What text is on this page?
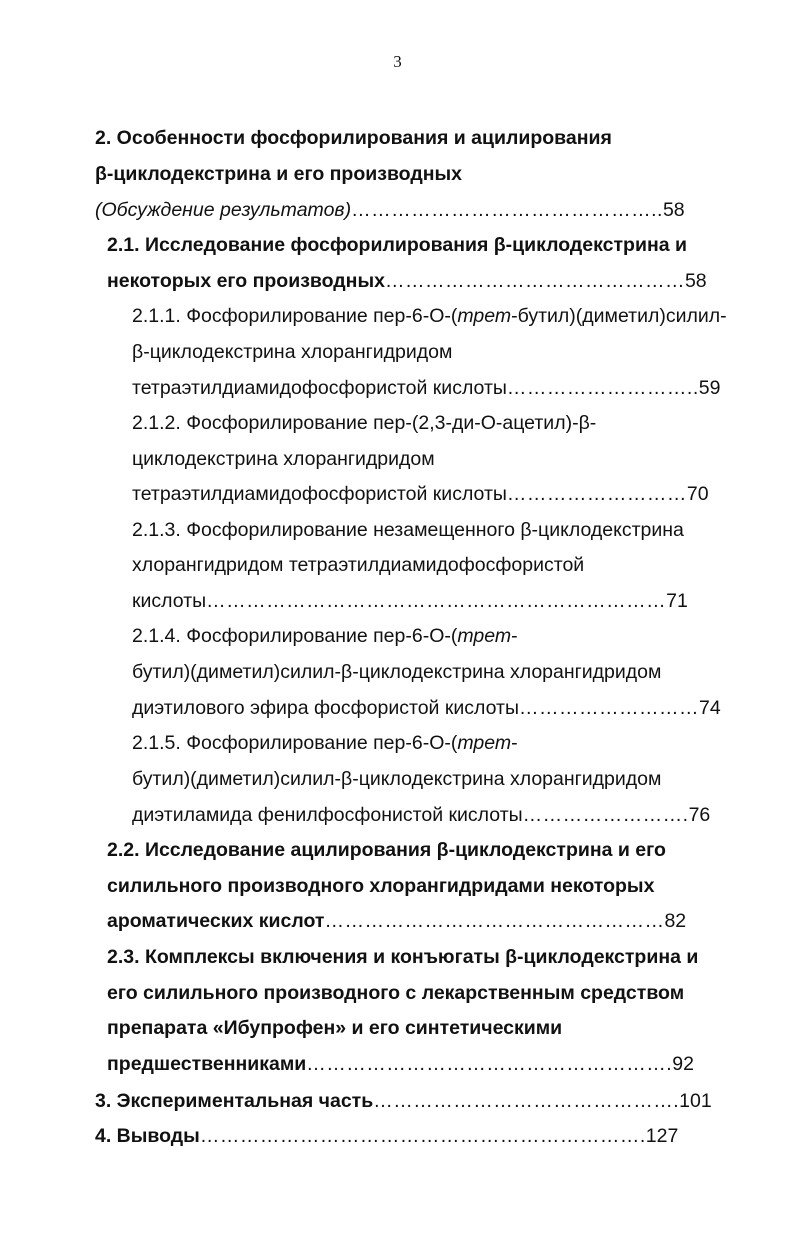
3
2. Особенности фосфорилирования и ацилирования
β-циклодекстрина и его производных
(Обсуждение результатов)………………………………………..58
2.1. Исследование фосфорилирования β-циклодекстрина и
некоторых его производных………………………………………58
2.1.1. Фосфорилирование пер-6-О-(трет-бутил)(диметил)силил-
β-циклодекстрина хлорангидридом
тетраэтилдиамидофосфористой кислоты………………………..59
2.1.2. Фосфорилирование пер-(2,3-ди-О-ацетил)-β-
циклодекстрина хлорангидридом
тетраэтилдиамидофосфористой кислоты………………………70
2.1.3. Фосфорилирование незамещенного β-циклодекстрина
хлорангидридом тетраэтилдиамидофосфористой
кислоты……………………………………………………………71
2.1.4. Фосфорилирование пер-6-О-(трет-
бутил)(диметил)силил-β-циклодекстрина хлорангидридом
диэтилового эфира фосфористой кислоты………………………74
2.1.5. Фосфорилирование пер-6-О-(трет-
бутил)(диметил)силил-β-циклодекстрина хлорангидридом
диэтиламида фенилфосфонистой кислоты…………………….76
2.2. Исследование ацилирования β-циклодекстрина и его
силильного производного хлорангидридами некоторых
ароматических кислот……………………………………………82
2.3. Комплексы включения и конъюгаты β-циклодекстрина и
его силильного производного с лекарственным средством
препарата «Ибупрофен» и его синтетическими
предшественниками……………………………………………….92
3. Экспериментальная часть……………………………………….101
4. Выводы………………………………………………………….127
